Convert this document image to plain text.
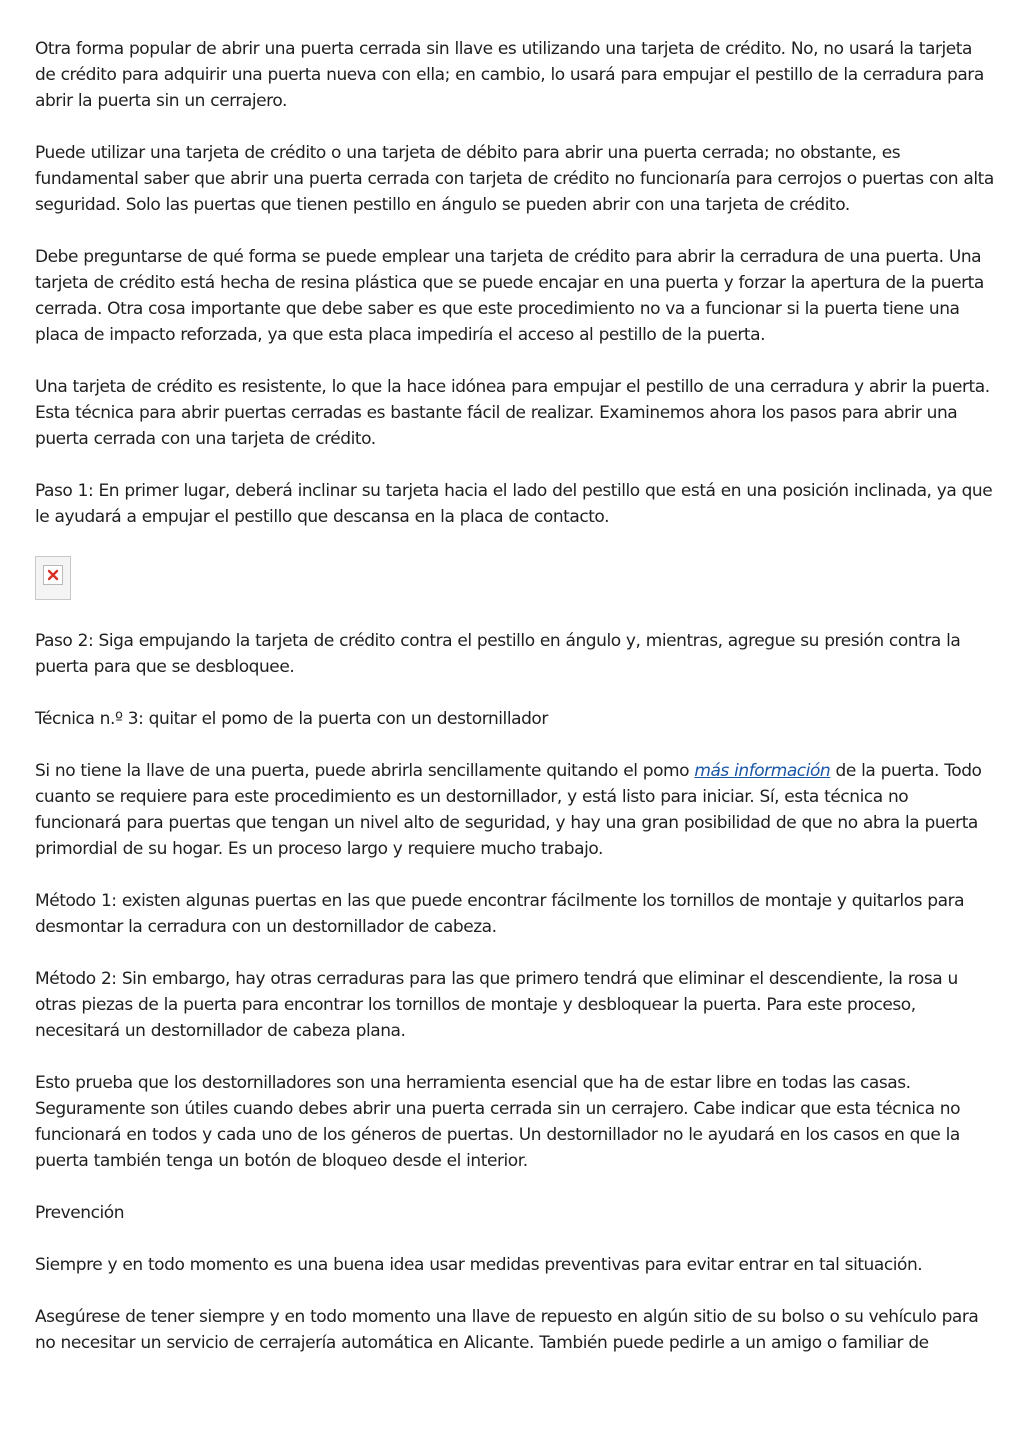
Otra forma popular de abrir una puerta cerrada sin llave es utilizando una tarjeta de crédito. No, no usará la tarjeta de crédito para adquirir una puerta nueva con ella; en cambio, lo usará para empujar el pestillo de la cerradura para abrir la puerta sin un cerrajero.

Puede utilizar una tarjeta de crédito o una tarjeta de débito para abrir una puerta cerrada; no obstante, es fundamental saber que abrir una puerta cerrada con tarjeta de crédito no funcionaría para cerrojos o puertas con alta seguridad. Solo las puertas que tienen pestillo en ángulo se pueden abrir con una tarjeta de crédito.

Debe preguntarse de qué forma se puede emplear una tarjeta de crédito para abrir la cerradura de una puerta. Una tarjeta de crédito está hecha de resina plástica que se puede encajar en una puerta y forzar la apertura de la puerta cerrada. Otra cosa importante que debe saber es que este procedimiento no va a funcionar si la puerta tiene una placa de impacto reforzada, ya que esta placa impediría el acceso al pestillo de la puerta.

Una tarjeta de crédito es resistente, lo que la hace idónea para empujar el pestillo de una cerradura y abrir la puerta. Esta técnica para abrir puertas cerradas es bastante fácil de realizar. Examinemos ahora los pasos para abrir una puerta cerrada con una tarjeta de crédito.

Paso 1: En primer lugar, deberá inclinar su tarjeta hacia el lado del pestillo que está en una posición inclinada, ya que le ayudará a empujar el pestillo que descansa en la placa de contacto.

Paso 2: Siga empujando la tarjeta de crédito contra el pestillo en ángulo y, mientras, agregue su presión contra la puerta para que se desbloquee.

Técnica n.º 3: quitar el pomo de la puerta con un destornillador

Si no tiene la llave de una puerta, puede abrirla sencillamente quitando el pomo más información de la puerta. Todo cuanto se requiere para este procedimiento es un destornillador, y está listo para iniciar. Sí, esta técnica no funcionará para puertas que tengan un nivel alto de seguridad, y hay una gran posibilidad de que no abra la puerta primordial de su hogar. Es un proceso largo y requiere mucho trabajo.

Método 1: existen algunas puertas en las que puede encontrar fácilmente los tornillos de montaje y quitarlos para desmontar la cerradura con un destornillador de cabeza.

Método 2: Sin embargo, hay otras cerraduras para las que primero tendrá que eliminar el descendiente, la rosa u otras piezas de la puerta para encontrar los tornillos de montaje y desbloquear la puerta. Para este proceso, necesitará un destornillador de cabeza plana.

Esto prueba que los destornilladores son una herramienta esencial que ha de estar libre en todas las casas. Seguramente son útiles cuando debes abrir una puerta cerrada sin un cerrajero. Cabe indicar que esta técnica no funcionará en todos y cada uno de los géneros de puertas. Un destornillador no le ayudará en los casos en que la puerta también tenga un botón de bloqueo desde el interior.

Prevención

Siempre y en todo momento es una buena idea usar medidas preventivas para evitar entrar en tal situación.

Asegúrese de tener siempre y en todo momento una llave de repuesto en algún sitio de su bolso o su vehículo para no necesitar un servicio de cerrajería automática en Alicante. También puede pedirle a un amigo o familiar de
